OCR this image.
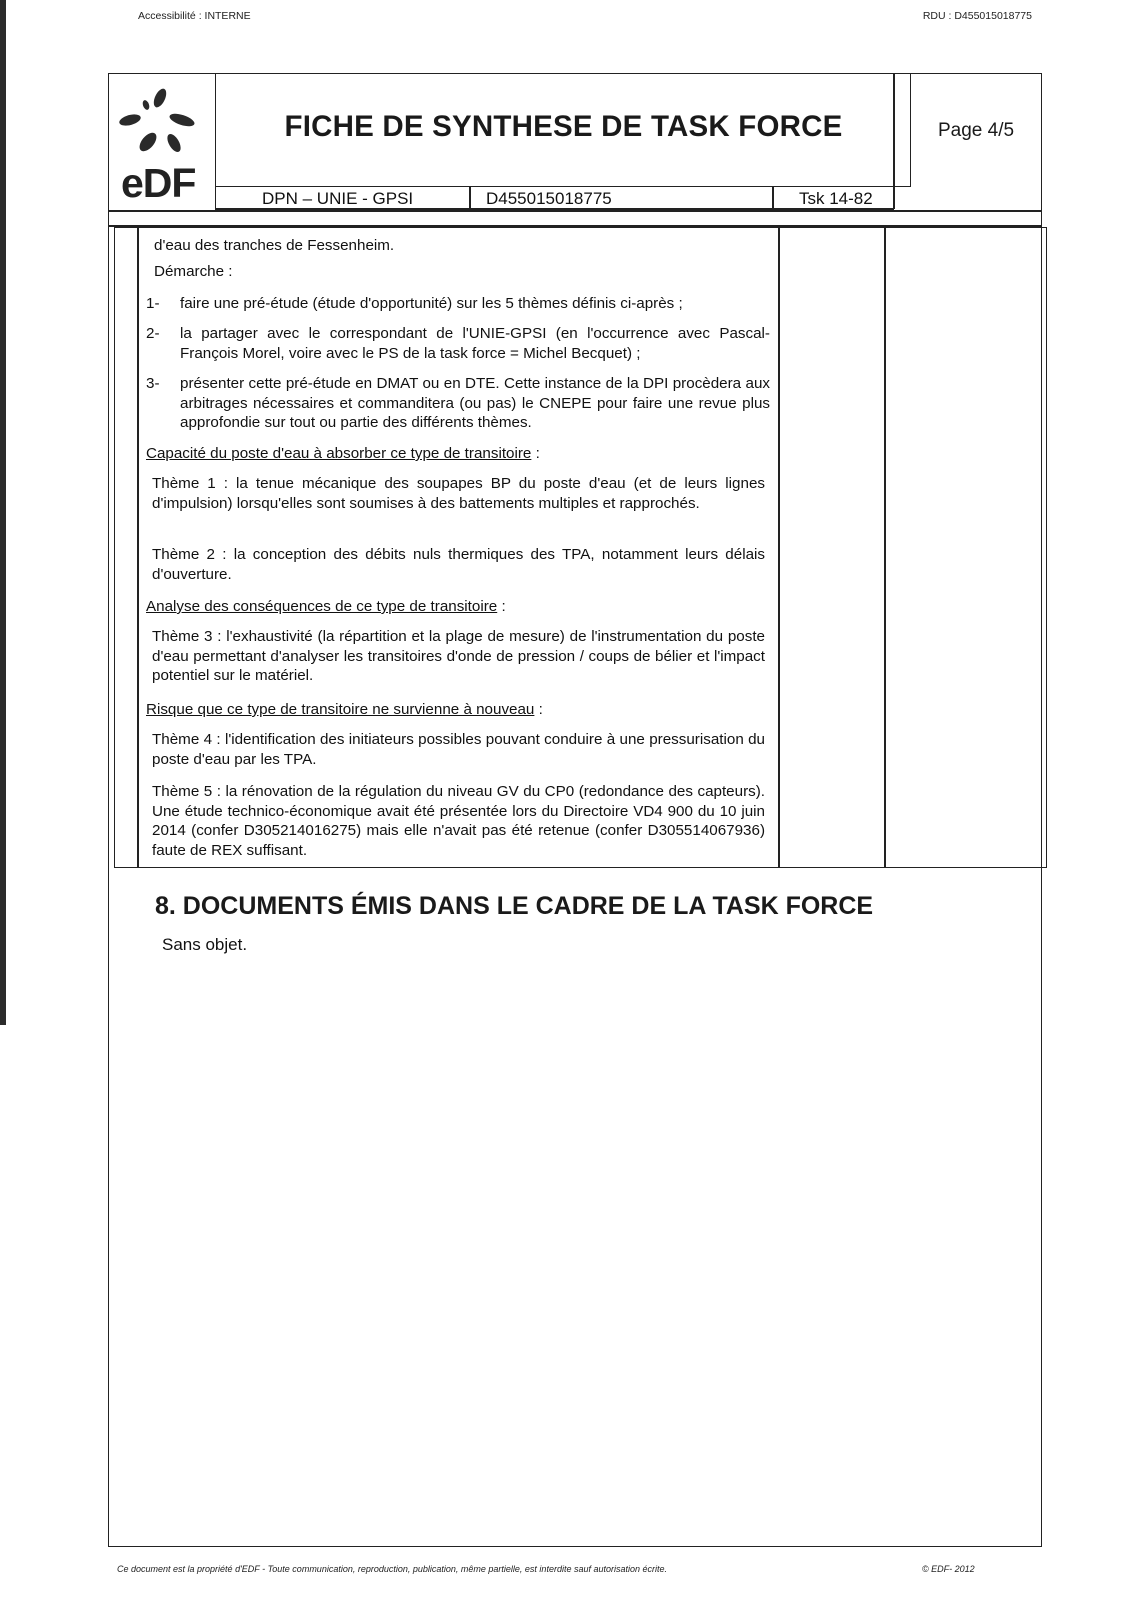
Accessibilité : INTERNE	RDU : D455015018775
eDF
FICHE DE SYNTHESE DE TASK FORCE	Page 4/5
DPN – UNIE - GPSI	D455015018775	Tsk 14-82
d'eau des tranches de Fessenheim.
Démarche :
1- faire une pré-étude (étude d'opportunité) sur les 5 thèmes définis ci-après ;
2- la partager avec le correspondant de l'UNIE-GPSI (en l'occurrence avec Pascal-François Morel, voire avec le PS de la task force = Michel Becquet) ;
3- présenter cette pré-étude en DMAT ou en DTE. Cette instance de la DPI procèdera aux arbitrages nécessaires et commanditera (ou pas) le CNEPE pour faire une revue plus approfondie sur tout ou partie des différents thèmes.
Capacité du poste d'eau à absorber ce type de transitoire :
Thème 1 : la tenue mécanique des soupapes BP du poste d'eau (et de leurs lignes d'impulsion) lorsqu'elles sont soumises à des battements multiples et rapprochés.
Thème 2 : la conception des débits nuls thermiques des TPA, notamment leurs délais d'ouverture.
Analyse des conséquences de ce type de transitoire :
Thème 3 : l'exhaustivité (la répartition et la plage de mesure) de l'instrumentation du poste d'eau permettant d'analyser les transitoires d'onde de pression / coups de bélier et l'impact potentiel sur le matériel.
Risque que ce type de transitoire ne survienne à nouveau :
Thème 4 : l'identification des initiateurs possibles pouvant conduire à une pressurisation du poste d'eau par les TPA.
Thème 5 : la rénovation de la régulation du niveau GV du CP0 (redondance des capteurs). Une étude technico-économique avait été présentée lors du Directoire VD4 900 du 10 juin 2014 (confer D305214016275) mais elle n'avait pas été retenue (confer D305514067936) faute de REX suffisant.
8. DOCUMENTS ÉMIS DANS LE CADRE DE LA TASK FORCE
Sans objet.
Ce document est la propriété d'EDF - Toute communication, reproduction, publication, même partielle, est interdite sauf autorisation écrite.	© EDF- 2012
